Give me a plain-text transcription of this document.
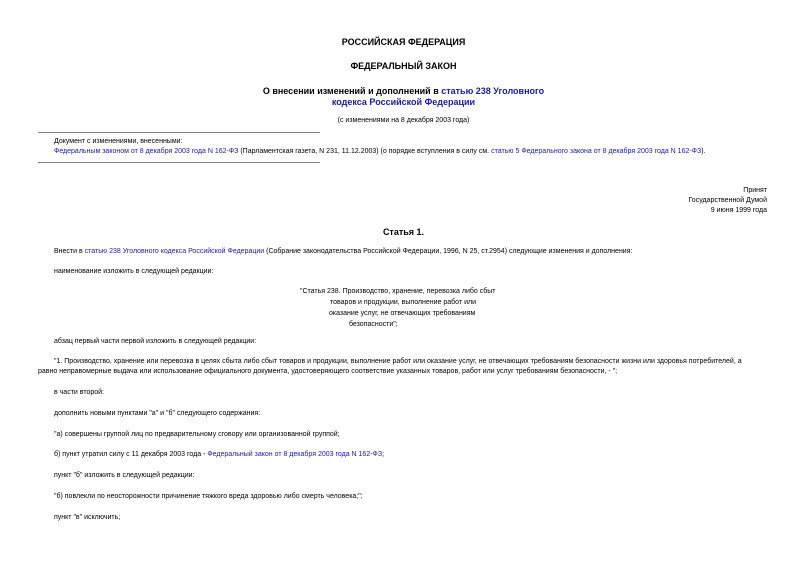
РОССИЙСКАЯ ФЕДЕРАЦИЯ
ФЕДЕРАЛЬНЫЙ ЗАКОН
О внесении изменений и дополнений в статью 238 Уголовного
кодекса Российской Федерации
(с изменениями на 8 декабря 2003 года)
Документ с изменениями, внесенными:
Федеральным законом от 8 декабря 2003 года N 162-ФЗ (Парламентская газета, N 231, 11.12.2003) (о порядке вступления в силу см. статью 5 Федерального закона от 8 декабря 2003 года N 162-ФЗ).
Принят
Государственной Думой
9 июня 1999 года
Статья 1.
Внести в статью 238 Уголовного кодекса Российской Федерации (Собрание законодательства Российской Федерации, 1996, N 25, ст.2954) следующие изменения и дополнения:
наименование изложить в следующей редакции:
"Статья 238. Производство, хранение, перевозка либо сбыт
товаров и продукции, выполнение работ или
оказание услуг, не отвечающих требованиям
безопасности";
абзац первый части первой изложить в следующей редакции:
"1. Производство, хранение или перевозка в целях сбыта либо сбыт товаров и продукции, выполнение работ или оказание услуг, не отвечающих требованиям безопасности жизни или здоровья потребителей, а
равно неправомерные выдача или использование официального документа, удостоверяющего соответствие указанных товаров, работ или услуг требованиям безопасности, - ";
в части второй:
дополнить новыми пунктами "а" и "б" следующего содержания:
"а) совершены группой лиц по предварительному сговору или организованной группой;
б) пункт утратил силу с 11 декабря 2003 года - Федеральный закон от 8 декабря 2003 года N 162-ФЗ;
пункт "б" изложить в следующей редакции:
"б) повлекли по неосторожности причинение тяжкого вреда здоровью либо смерть человека;";
пункт "в" исключить;
